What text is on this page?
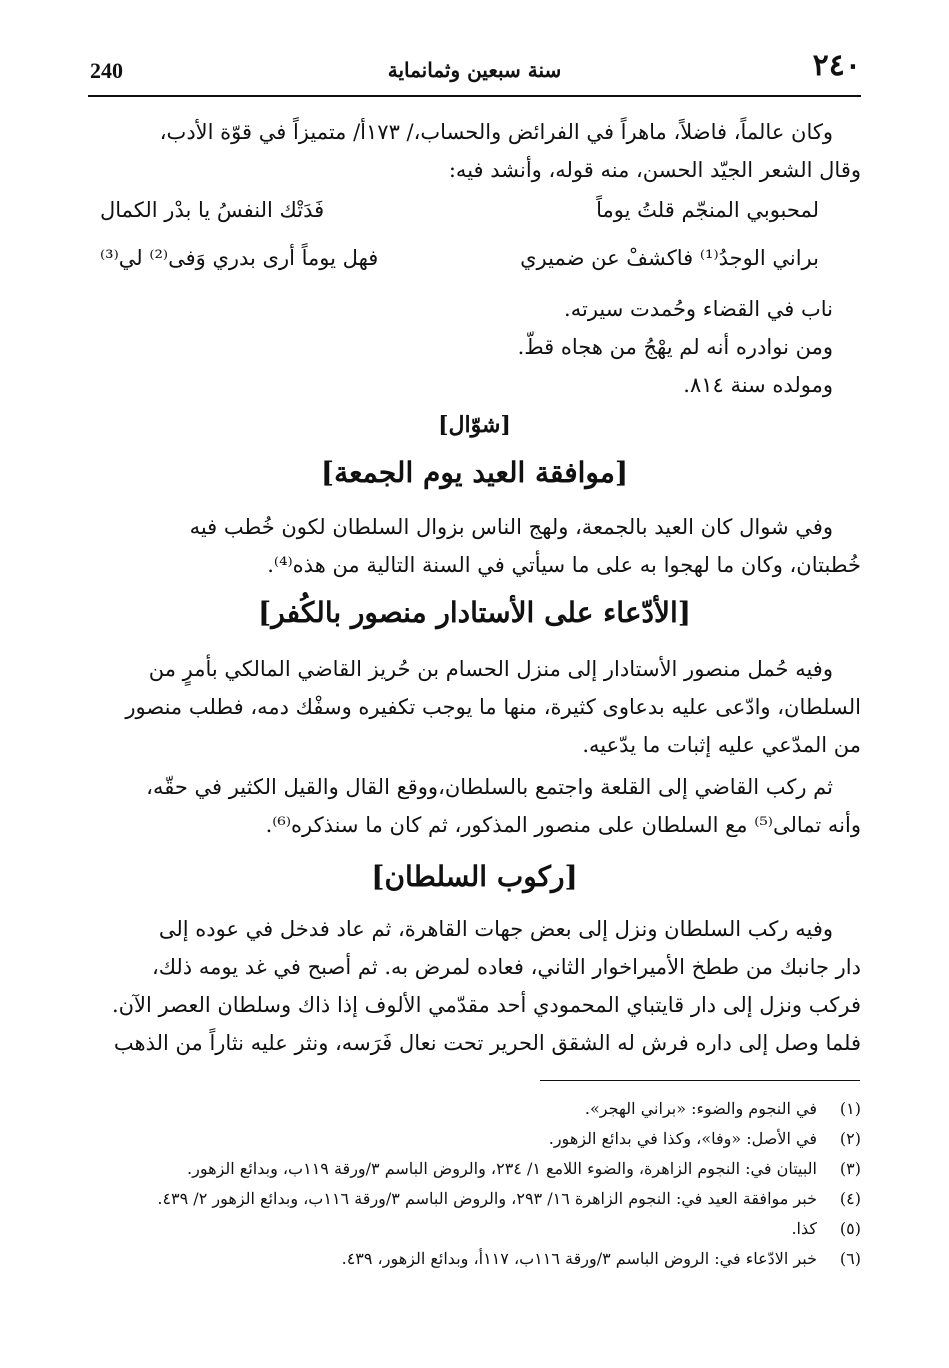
٢٤٠
سنة سبعين وثمانماية
240

وكان عالماً، فاضلاً، ماهراً في الفرائض والحساب،/ ١٧٣أ/ متميزاً في قوّة الأدب،

وقال الشعر الجيّد الحسن، منه قوله، وأنشد فيه:

لمحبوبي المنجّم قلتُ يوماً
فَدَتْك النفسُ يا بدْر الكمال
براني الوجدُ⁽¹⁾ فاكشفْ عن ضميري
فهل يوماً أرى بدري وَفى⁽²⁾ لي⁽³⁾

ناب في القضاء وحُمدت سيرته.

ومن نوادره أنه لم يهْجُ من هجاه قطّ.

ومولده سنة ٨١٤.

[شوّال]
[موافقة العيد يوم الجمعة]

وفي شوال كان العيد بالجمعة، ولهج الناس بزوال السلطان لكون خُطب فيه

خُطبتان، وكان ما لهجوا به على ما سيأتي في السنة التالية من هذه⁽⁴⁾.

[الأدّعاء على الأستادار منصور بالكُفر]

وفيه حُمل منصور الأستادار إلى منزل الحسام بن حُريز القاضي المالكي بأمرٍ من

السلطان، وادّعى عليه بدعاوى كثيرة، منها ما يوجب تكفيره وسفْك دمه، فطلب منصور

من المدّعي عليه إثبات ما يدّعيه.

ثم ركب القاضي إلى القلعة واجتمع بالسلطان،ووقع القال والقيل الكثير في حقّه،

وأنه تمالى⁽⁵⁾ مع السلطان على منصور المذكور، ثم كان ما سنذكره⁽⁶⁾.

[ركوب السلطان]

وفيه ركب السلطان ونزل إلى بعض جهات القاهرة، ثم عاد فدخل في عوده إلى

دار جانبك من ططخ الأميراخوار الثاني، فعاده لمرض به. ثم أصبح في غد يومه ذلك،

فركب ونزل إلى دار قايتباي المحمودي أحد مقدّمي الألوف إذا ذاك وسلطان العصر الآن.

فلما وصل إلى داره فرش له الشقق الحرير تحت نعال فَرَسه، ونثر عليه نثاراً من الذهب

(١)
في النجوم والضوء: «براني الهجر».
(٢)
في الأصل: «وفا»، وكذا في بدائع الزهور.
(٣)
البيتان في: النجوم الزاهرة، والضوء اللامع ١/ ٢٣٤، والروض الباسم ٣/ورقة ١١٩ب، وبدائع الزهور.
(٤)
خبر موافقة العيد في: النجوم الزاهرة ١٦/ ٢٩٣، والروض الباسم ٣/ورقة ١١٦ب، وبدائع الزهور ٢/ ٤٣٩.
(٥)
كذا.
(٦)
خبر الادّعاء في: الروض الباسم ٣/ورقة ١١٦ب، ١١٧أ، وبدائع الزهور، ٤٣٩.
